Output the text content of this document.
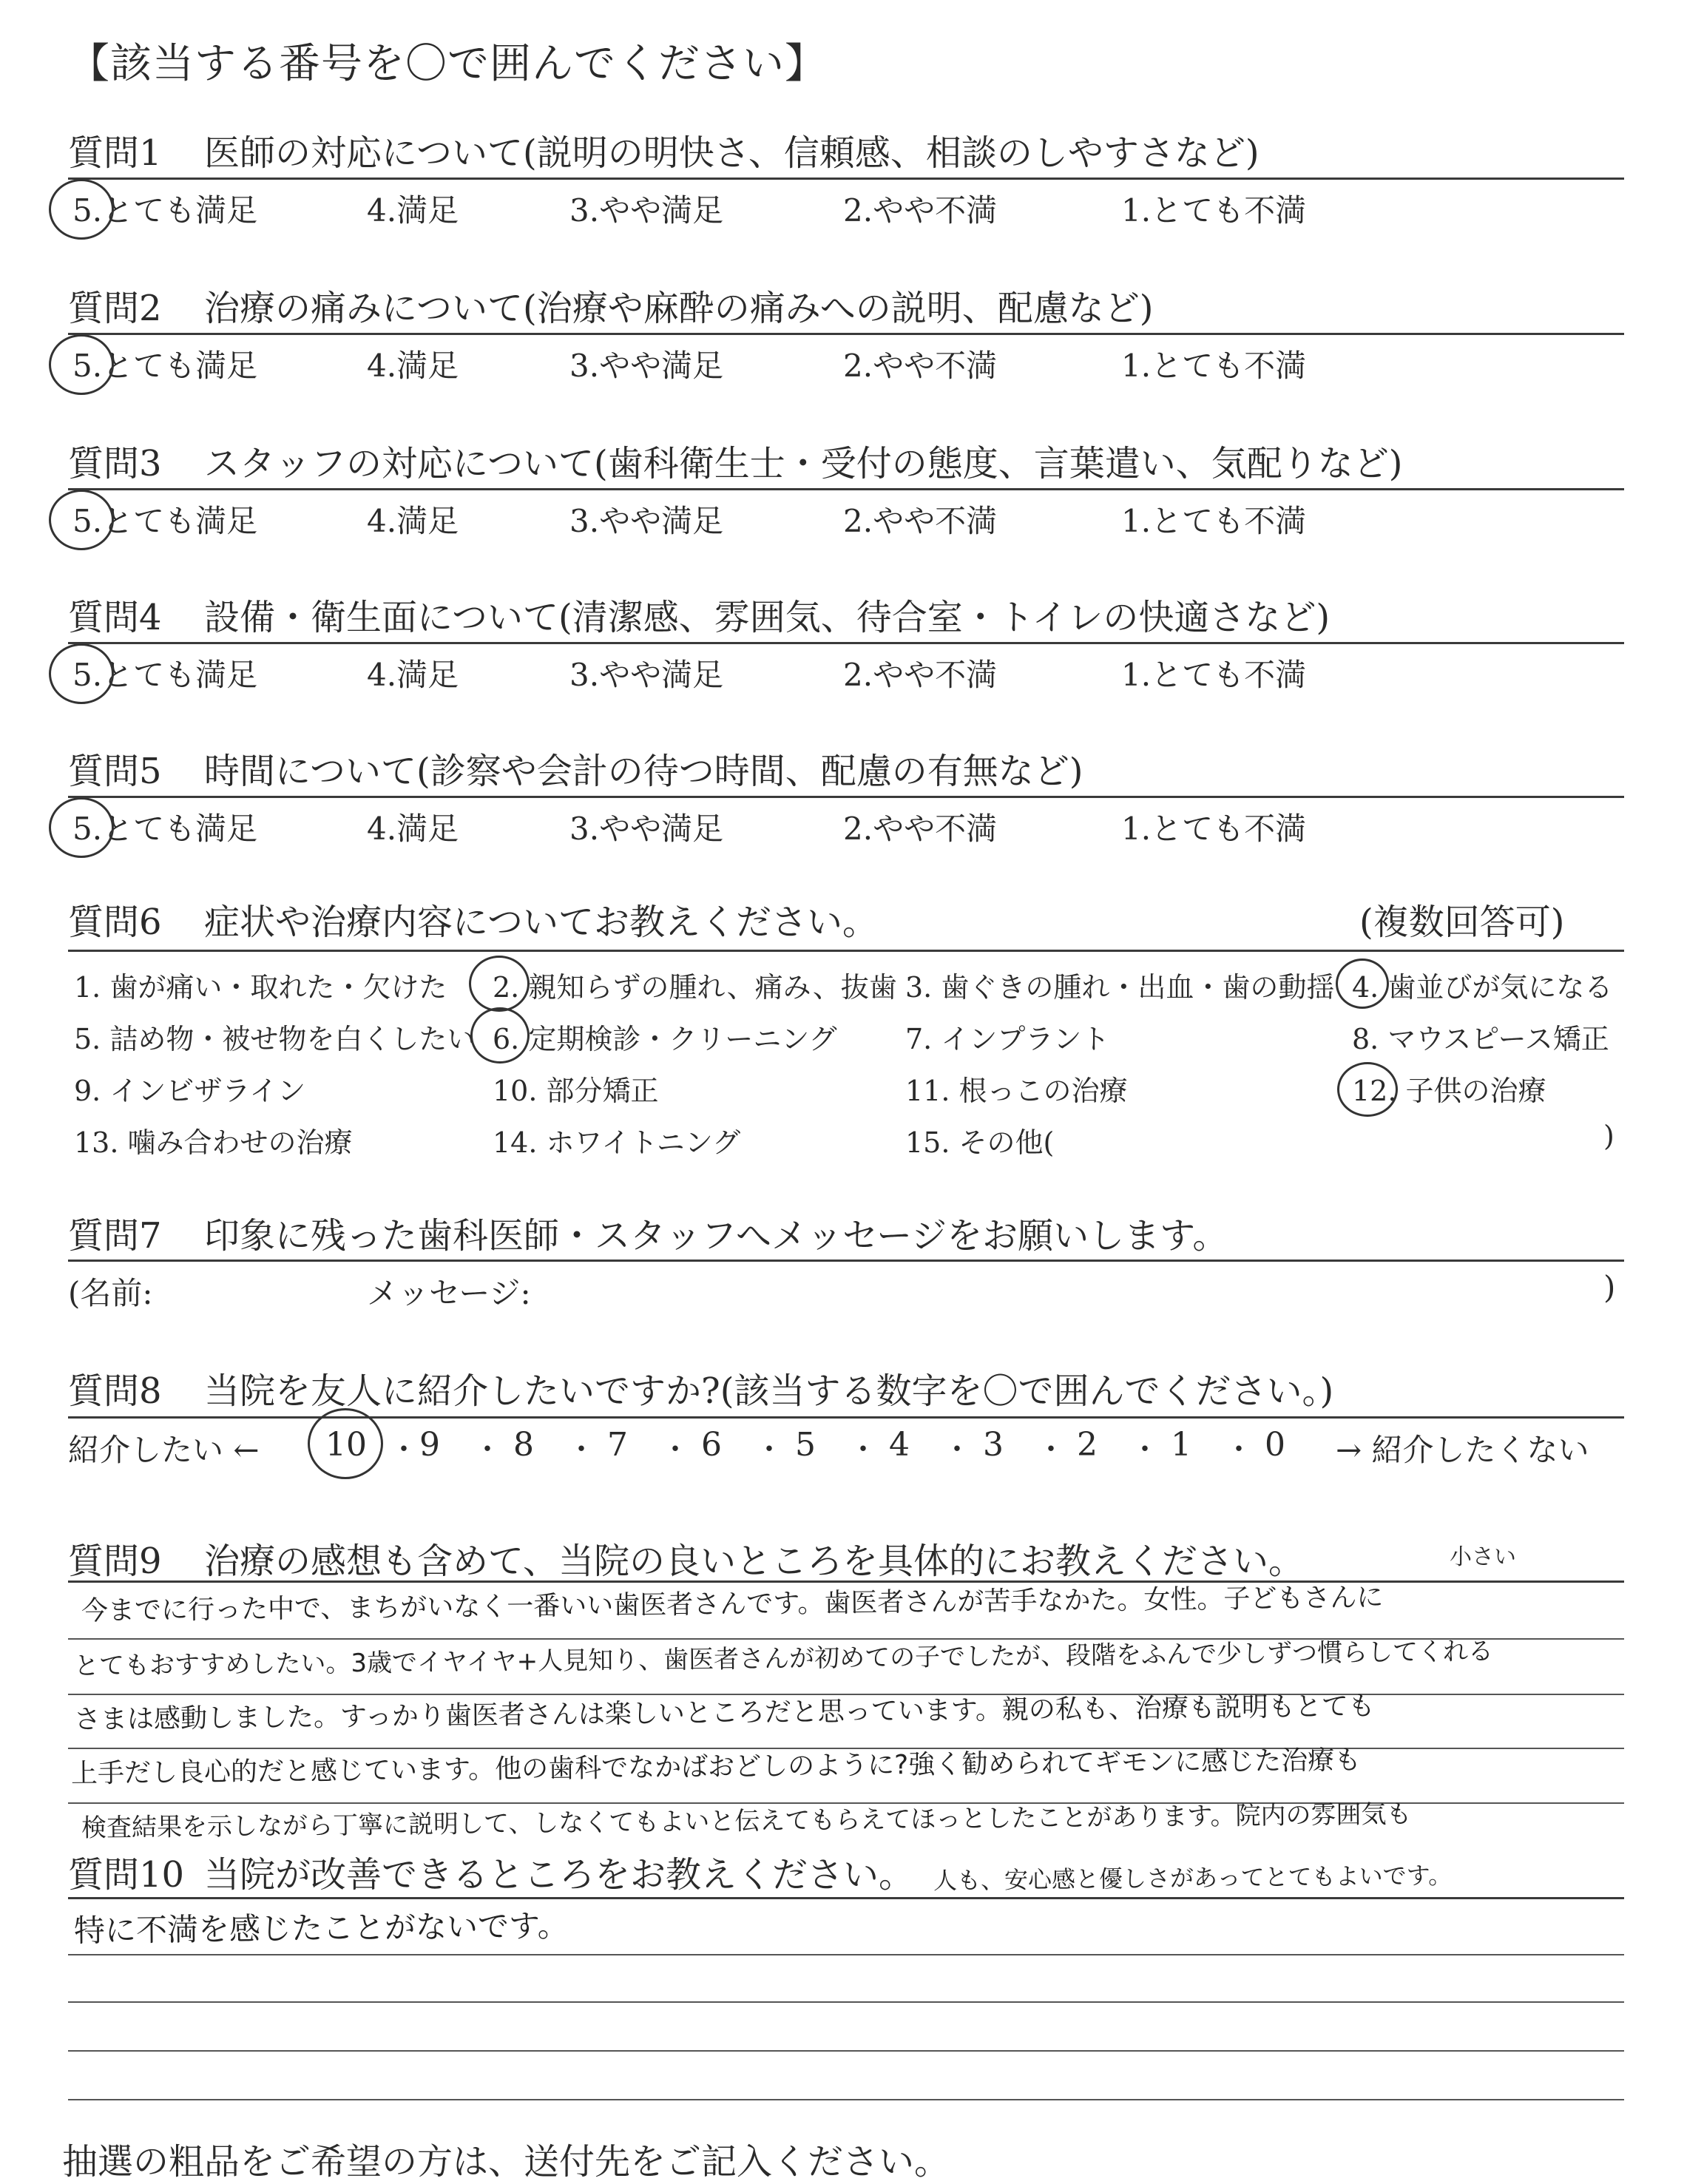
【該当する番号を〇で囲んでください】
質問1 医師の対応について(説明の明快さ、信頼感、相談のしやすさなど)
5.とても満足	4.満足	3.やや満足	2.やや不満	1.とても不満
質問2 治療の痛みについて(治療や麻酔の痛みへの説明、配慮など)
5.とても満足	4.満足	3.やや満足	2.やや不満	1.とても不満
質問3 スタッフの対応について(歯科衛生士・受付の態度、言葉遣い、気配りなど)
5.とても満足	4.満足	3.やや満足	2.やや不満	1.とても不満
質問4 設備・衛生面について(清潔感、雰囲気、待合室・トイレの快適さなど)
5.とても満足	4.満足	3.やや満足	2.やや不満	1.とても不満
質問5 時間について(診察や会計の待つ時間、配慮の有無など)
5.とても満足	4.満足	3.やや満足	2.やや不満	1.とても不満
質問6 症状や治療内容についてお教えください。	(複数回答可)
1. 歯が痛い・取れた・欠けた 2. 親知らずの腫れ、痛み、抜歯 3. 歯ぐきの腫れ・出血・歯の動揺 4. 歯並びが気になる
5. 詰め物・被せ物を白くしたい 6. 定期検診・クリーニング 7. インプラント	8. マウスピース矯正
9. インビザライン	10. 部分矯正	11. 根っこの治療	12. 子供の治療
13. 噛み合わせの治療	14. ホワイトニング	15. その他(	)
質問7 印象に残った歯科医師・スタッフへメッセージをお願いします。
(名前:	メッセージ:	)
質問8 当院を友人に紹介したいですか?(該当する数字を〇で囲んでください。)
紹介したい ←	→ 紹介したくない
10 ・ 9 ・ 8 ・ 7 ・ 6 ・ 5 ・ 4 ・ 3 ・ 2 ・ 1 ・ 0
質問9 治療の感想も含めて、当院の良いところを具体的にお教えください。	小さい
今までに行った中で、まちがいなく一番いい歯医者さんです。歯医者さんが苦手なかた。女性。子どもさんに
とてもおすすめしたい。3歳でイヤイヤ+人見知り、歯医者さんが初めての子でしたが、段階をふんで少しずつ慣らしてくれる
さまは感動しました。すっかり歯医者さんは楽しいところだと思っています。親の私も、治療も説明もとても
上手だし良心的だと感じています。他の歯科でなかばおどしのように?強く勧められてギモンに感じた治療も
検査結果を示しながら丁寧に説明して、しなくてもよいと伝えてもらえてほっとしたことがあります。院内の雰囲気も
人も、安心感と優しさがあってとてもよいです。
質問10 当院が改善できるところをお教えください。
特に不満を感じたことがないです。
抽選の粗品をご希望の方は、送付先をご記入ください。
